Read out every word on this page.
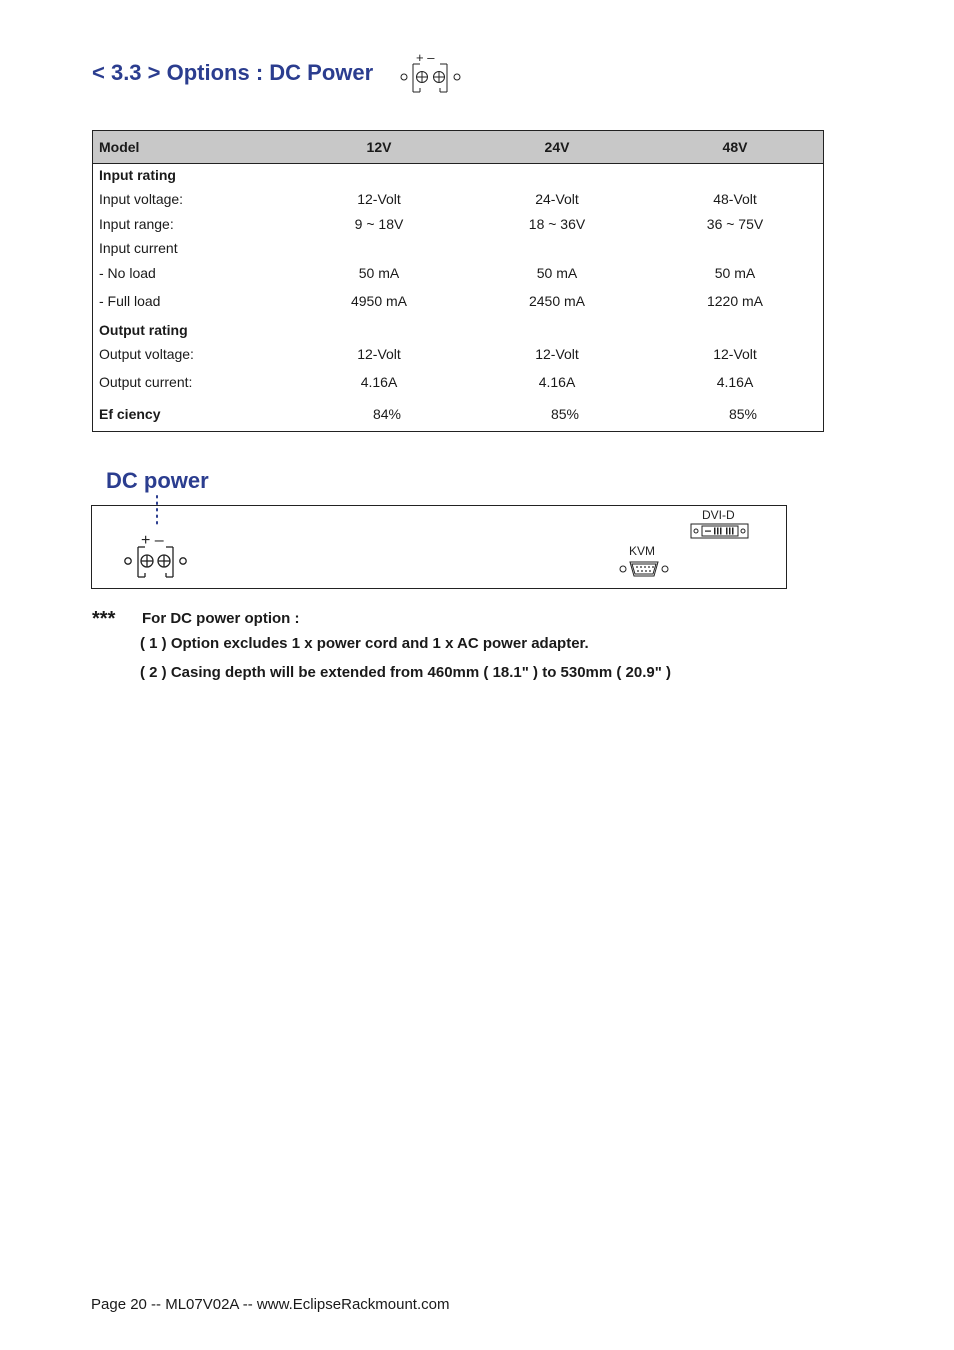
< 3.3 > Options : DC Power
+ –
Model	12V	24V	48V
Input rating
Input voltage:	12-Volt	24-Volt	48-Volt
Input range:	9 ~ 18V	18 ~ 36V	36 ~ 75V
Input current
- No load	50 mA	50 mA	50 mA
- Full load	4950 mA	2450 mA	1220 mA
Output rating
Output voltage:	12-Volt	12-Volt	12-Volt
Output current:	4.16A	4.16A	4.16A
Ef ciency	84%	85%	85%
DC power
+ –
KVM
DVI-D
*** For DC power option :
( 1 ) Option excludes 1 x power cord and 1 x AC power adapter.
( 2 ) Casing depth will be extended from 460mm ( 18.1" ) to 530mm ( 20.9" )
Page 20 -- ML07V02A -- www.EclipseRackmount.com
